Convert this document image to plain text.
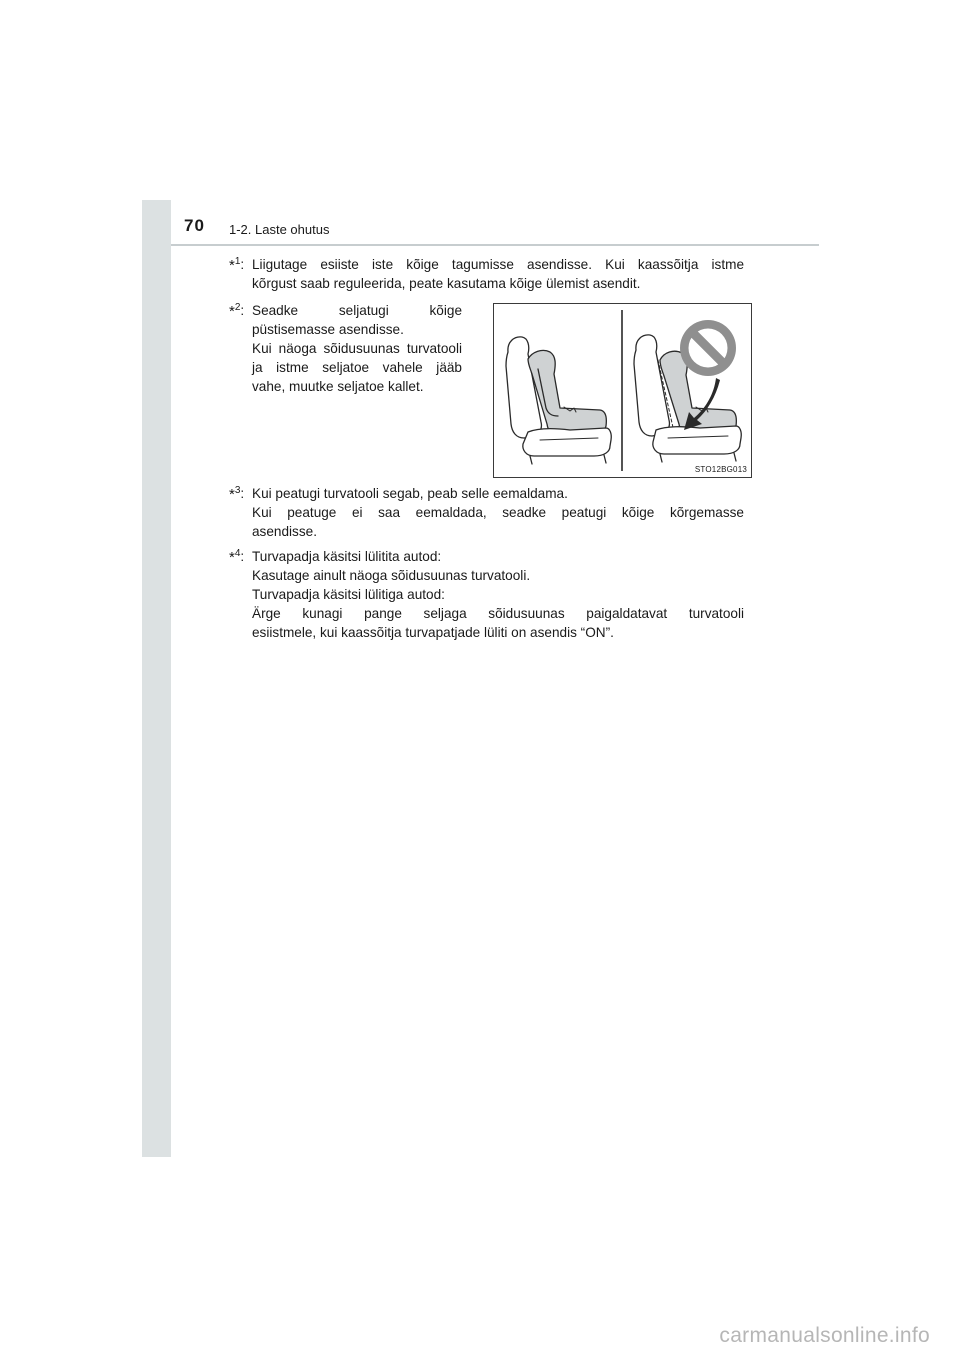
70 1-2. Laste ohutus
*$^1$: Liigutage esiiste iste kõige tagumisse asendisse. Kui kaassõitja istme

kõrgust saab reguleerida, peate kasutama kõige ülemist asendit.

*$^2$: Seadke seljatugi kõige

püstisemasse asendisse.

Kui näoga sõidusuunas turvatooli

ja istme seljatoe vahele jääb

vahe, muutke seljatoe kallet.

STO12BG013
*$^3$: Kui peatugi turvatooli segab, peab selle eemaldama.

Kui peatuge ei saa eemaldada, seadke peatugi kõige kõrgemasse

asendisse.

*$^4$: Turvapadja käsitsi lülitita autod:

Kasutage ainult näoga sõidusuunas turvatooli.

Turvapadja käsitsi lülitiga autod:

Ärge kunagi pange seljaga sõidusuunas paigaldatavat turvatooli

esiistmele, kui kaassõitja turvapatjade lüliti on asendis “ON”.

carmanualsonline.info
